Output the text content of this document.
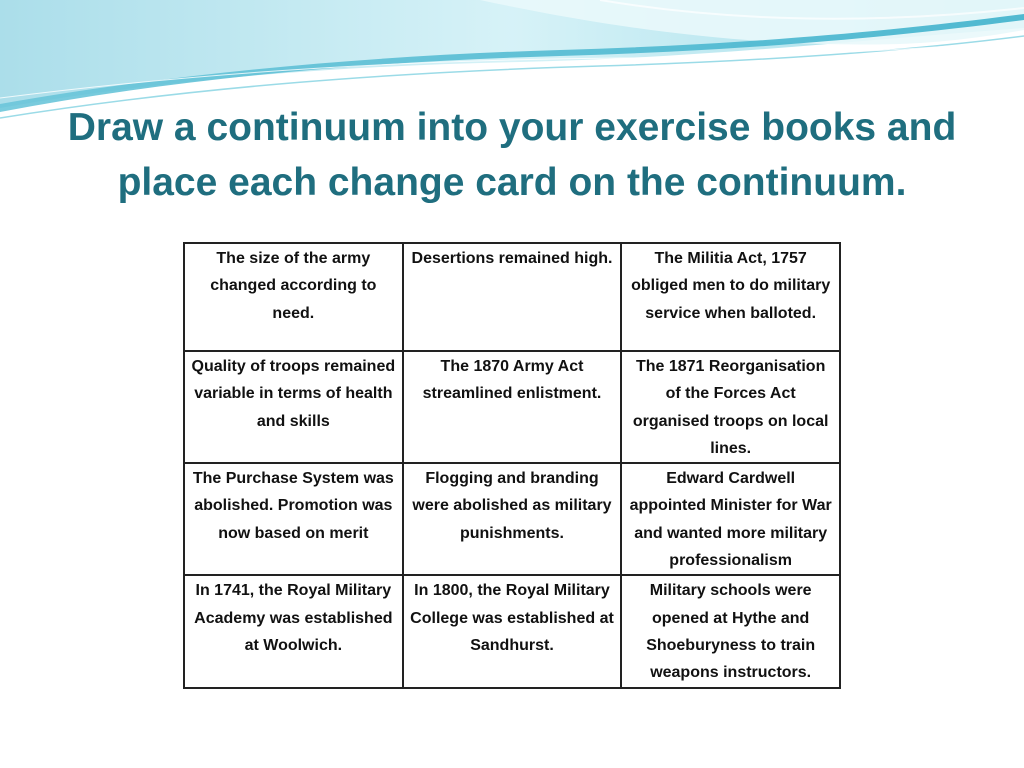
Draw a continuum into your exercise books and
place each change card on the continuum.
The size of the army changed according to need.	Desertions remained high.	The Militia Act, 1757 obliged men to do military service when balloted.
Quality of troops remained variable in terms of health and skills	The 1870 Army Act streamlined enlistment.	The 1871 Reorganisation of the Forces Act organised troops on local lines.
The Purchase System was abolished. Promotion was now based on merit	Flogging and branding were abolished as military punishments.	Edward Cardwell appointed Minister for War and wanted more military professionalism
In 1741, the Royal Military Academy was established at Woolwich.	In 1800, the Royal Military College was established at Sandhurst.	Military schools were opened at Hythe and Shoeburyness to train weapons instructors.
